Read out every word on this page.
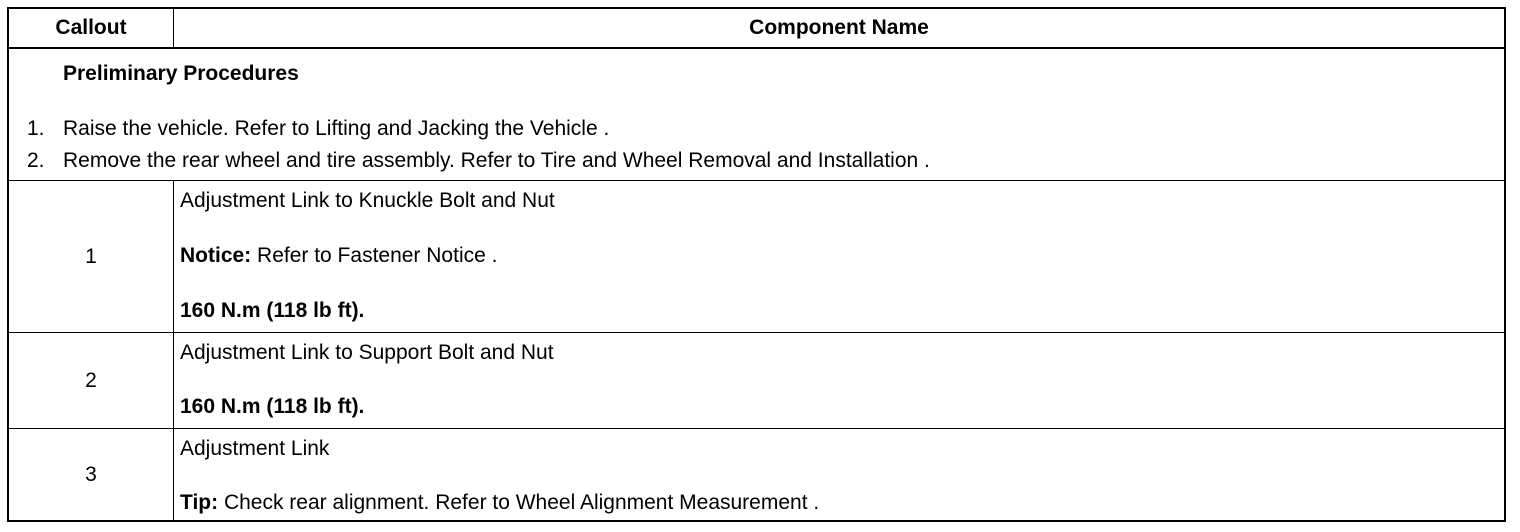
Callout	Component Name
Preliminary Procedures
1. Raise the vehicle. Refer to Lifting and Jacking the Vehicle .
2. Remove the rear wheel and tire assembly. Refer to Tire and Wheel Removal and Installation .
1
Adjustment Link to Knuckle Bolt and Nut
Notice: Refer to Fastener Notice .
160 N.m (118 lb ft).
2
Adjustment Link to Support Bolt and Nut
160 N.m (118 lb ft).
3
Adjustment Link
Tip: Check rear alignment. Refer to Wheel Alignment Measurement .
